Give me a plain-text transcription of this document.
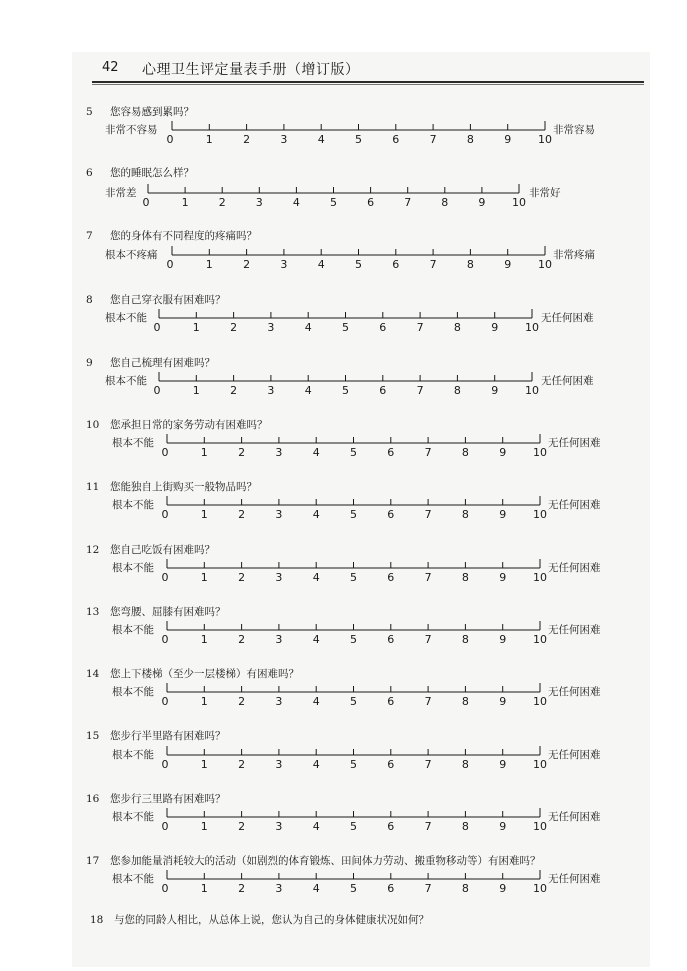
42 心理卫生评定量表手册（增订版）
5 您容易感到累吗？
非常不容易	非常容易
0	1	2	3	4	5	6	7	8	9 10
6 您的睡眠怎么样？
非常差	非常好
0	1	2	3	4	5	6	7	8	9 10
7 您的身体有不同程度的疼痛吗？
根本不疼痛	非常疼痛
0	1	2	3	4	5	6	7	8	9 10
8 您自己穿衣服有困难吗？
根本不能	无任何困难
0	1	2	3	4	5	6	7	8	9 10
9 您自己梳理有困难吗？
根本不能	无任何困难
0	1	2	3	4	5	6	7	8	9 10
10 您承担日常的家务劳动有困难吗？
根本不能	无任何困难
0	1	2	3	4	5	6	7	8	9 10
11 您能独自上街购买一般物品吗？
根本不能	无任何困难
0	1	2	3	4	5	6	7	8	9 10
12 您自己吃饭有困难吗？
根本不能	无任何困难
0	1	2	3	4	5	6	7	8	9 10
13 您弯腰、屈膝有困难吗？
根本不能	无任何困难
0	1	2	3	4	5	6	7	8	9 10
14 您上下楼梯（至少一层楼梯）有困难吗？
根本不能	无任何困难
0	1	2	3	4	5	6	7	8	9 10
15 您步行半里路有困难吗？
根本不能	无任何困难
0	1	2	3	4	5	6	7	8	9 10
16 您步行三里路有困难吗？
根本不能	无任何困难
0	1	2	3	4	5	6	7	8	9 10
17 您参加能量消耗较大的活动（如剧烈的体育锻炼、田间体力劳动、搬重物移动等）有困难吗？
根本不能	无任何困难
0	1	2	3	4	5	6	7	8	9 10
18 与您的同龄人相比，从总体上说，您认为自己的身体健康状况如何？
